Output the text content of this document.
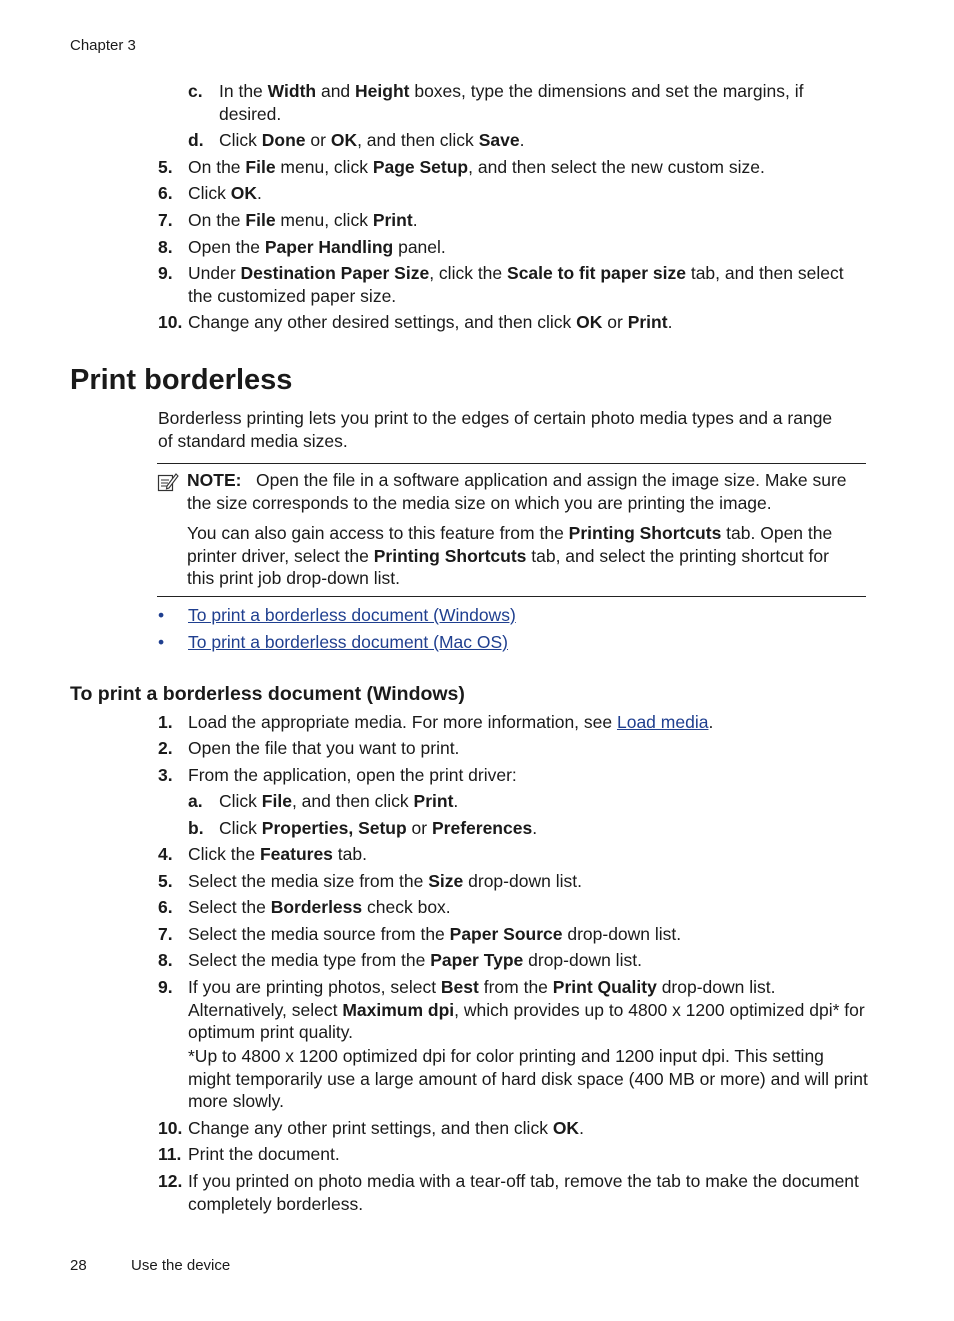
Chapter 3
c. In the Width and Height boxes, type the dimensions and set the margins, if desired.
d. Click Done or OK, and then click Save.
5. On the File menu, click Page Setup, and then select the new custom size.
6. Click OK.
7. On the File menu, click Print.
8. Open the Paper Handling panel.
9. Under Destination Paper Size, click the Scale to fit paper size tab, and then select the customized paper size.
10. Change any other desired settings, and then click OK or Print.
Print borderless
Borderless printing lets you print to the edges of certain photo media types and a range of standard media sizes.
NOTE: Open the file in a software application and assign the image size. Make sure the size corresponds to the media size on which you are printing the image.
You can also gain access to this feature from the Printing Shortcuts tab. Open the printer driver, select the Printing Shortcuts tab, and select the printing shortcut for this print job drop-down list.
• To print a borderless document (Windows)
• To print a borderless document (Mac OS)
To print a borderless document (Windows)
1. Load the appropriate media. For more information, see Load media.
2. Open the file that you want to print.
3. From the application, open the print driver:
a. Click File, and then click Print.
b. Click Properties, Setup or Preferences.
4. Click the Features tab.
5. Select the media size from the Size drop-down list.
6. Select the Borderless check box.
7. Select the media source from the Paper Source drop-down list.
8. Select the media type from the Paper Type drop-down list.
9. If you are printing photos, select Best from the Print Quality drop-down list. Alternatively, select Maximum dpi, which provides up to 4800 x 1200 optimized dpi* for optimum print quality.
*Up to 4800 x 1200 optimized dpi for color printing and 1200 input dpi. This setting might temporarily use a large amount of hard disk space (400 MB or more) and will print more slowly.
10. Change any other print settings, and then click OK.
11. Print the document.
12. If you printed on photo media with a tear-off tab, remove the tab to make the document completely borderless.
28	Use the device
